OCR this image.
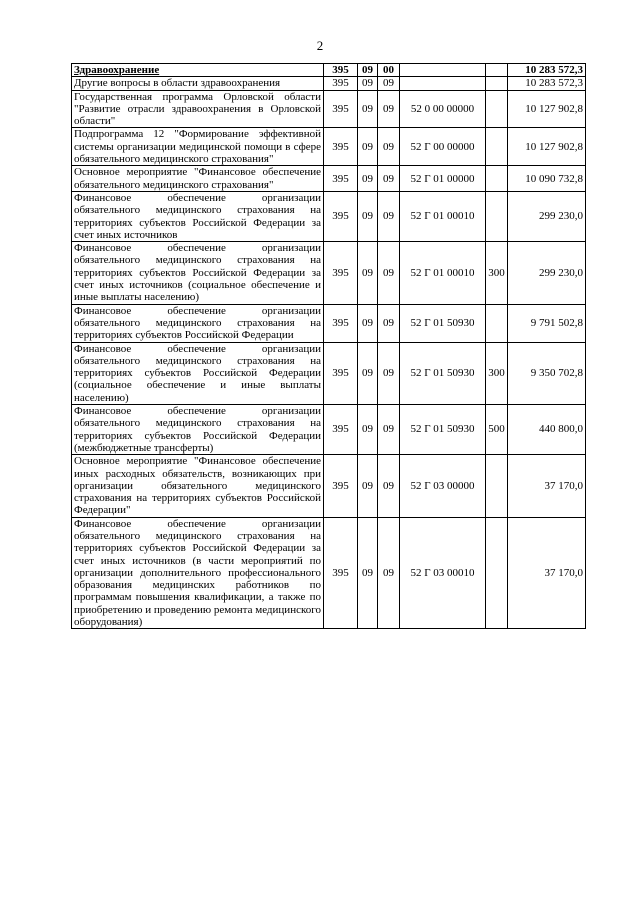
2
Здравоохранение	395	09	00			10 283 572,3
Другие вопросы в области здравоохранения	395	09	09			10 283 572,3
Государственная программа Орловской области "Развитие отрасли здравоохранения в Орловской области"	395	09	09	52 0 00 00000		10 127 902,8
Подпрограмма 12 "Формирование эффективной системы организации медицинской помощи в сфере обязательного медицинского страхования"	395	09	09	52 Г 00 00000		10 127 902,8
Основное мероприятие "Финансовое обеспечение обязательного медицинского страхования"	395	09	09	52 Г 01 00000		10 090 732,8
Финансовое обеспечение организации обязательного медицинского страхования на территориях субъектов Российской Федерации за счет иных источников	395	09	09	52 Г 01 00010		299 230,0
Финансовое обеспечение организации обязательного медицинского страхования на территориях субъектов Российской Федерации за счет иных источников (социальное обеспечение и иные выплаты населению)	395	09	09	52 Г 01 00010	300	299 230,0
Финансовое обеспечение организации обязательного медицинского страхования на территориях субъектов Российской Федерации	395	09	09	52 Г 01 50930		9 791 502,8
Финансовое обеспечение организации обязательного медицинского страхования на территориях субъектов Российской Федерации (социальное обеспечение и иные выплаты населению)	395	09	09	52 Г 01 50930	300	9 350 702,8
Финансовое обеспечение организации обязательного медицинского страхования на территориях субъектов Российской Федерации (межбюджетные трансферты)	395	09	09	52 Г 01 50930	500	440 800,0
Основное мероприятие "Финансовое обеспечение иных расходных обязательств, возникающих при организации обязательного медицинского страхования на территориях субъектов Российской Федерации"	395	09	09	52 Г 03 00000		37 170,0
Финансовое обеспечение организации обязательного медицинского страхования на территориях субъектов Российской Федерации за счет иных источников (в части мероприятий по организации дополнительного профессионального образования медицинских работников по программам повышения квалификации, а также по приобретению и проведению ремонта медицинского оборудования)	395	09	09	52 Г 03 00010		37 170,0
